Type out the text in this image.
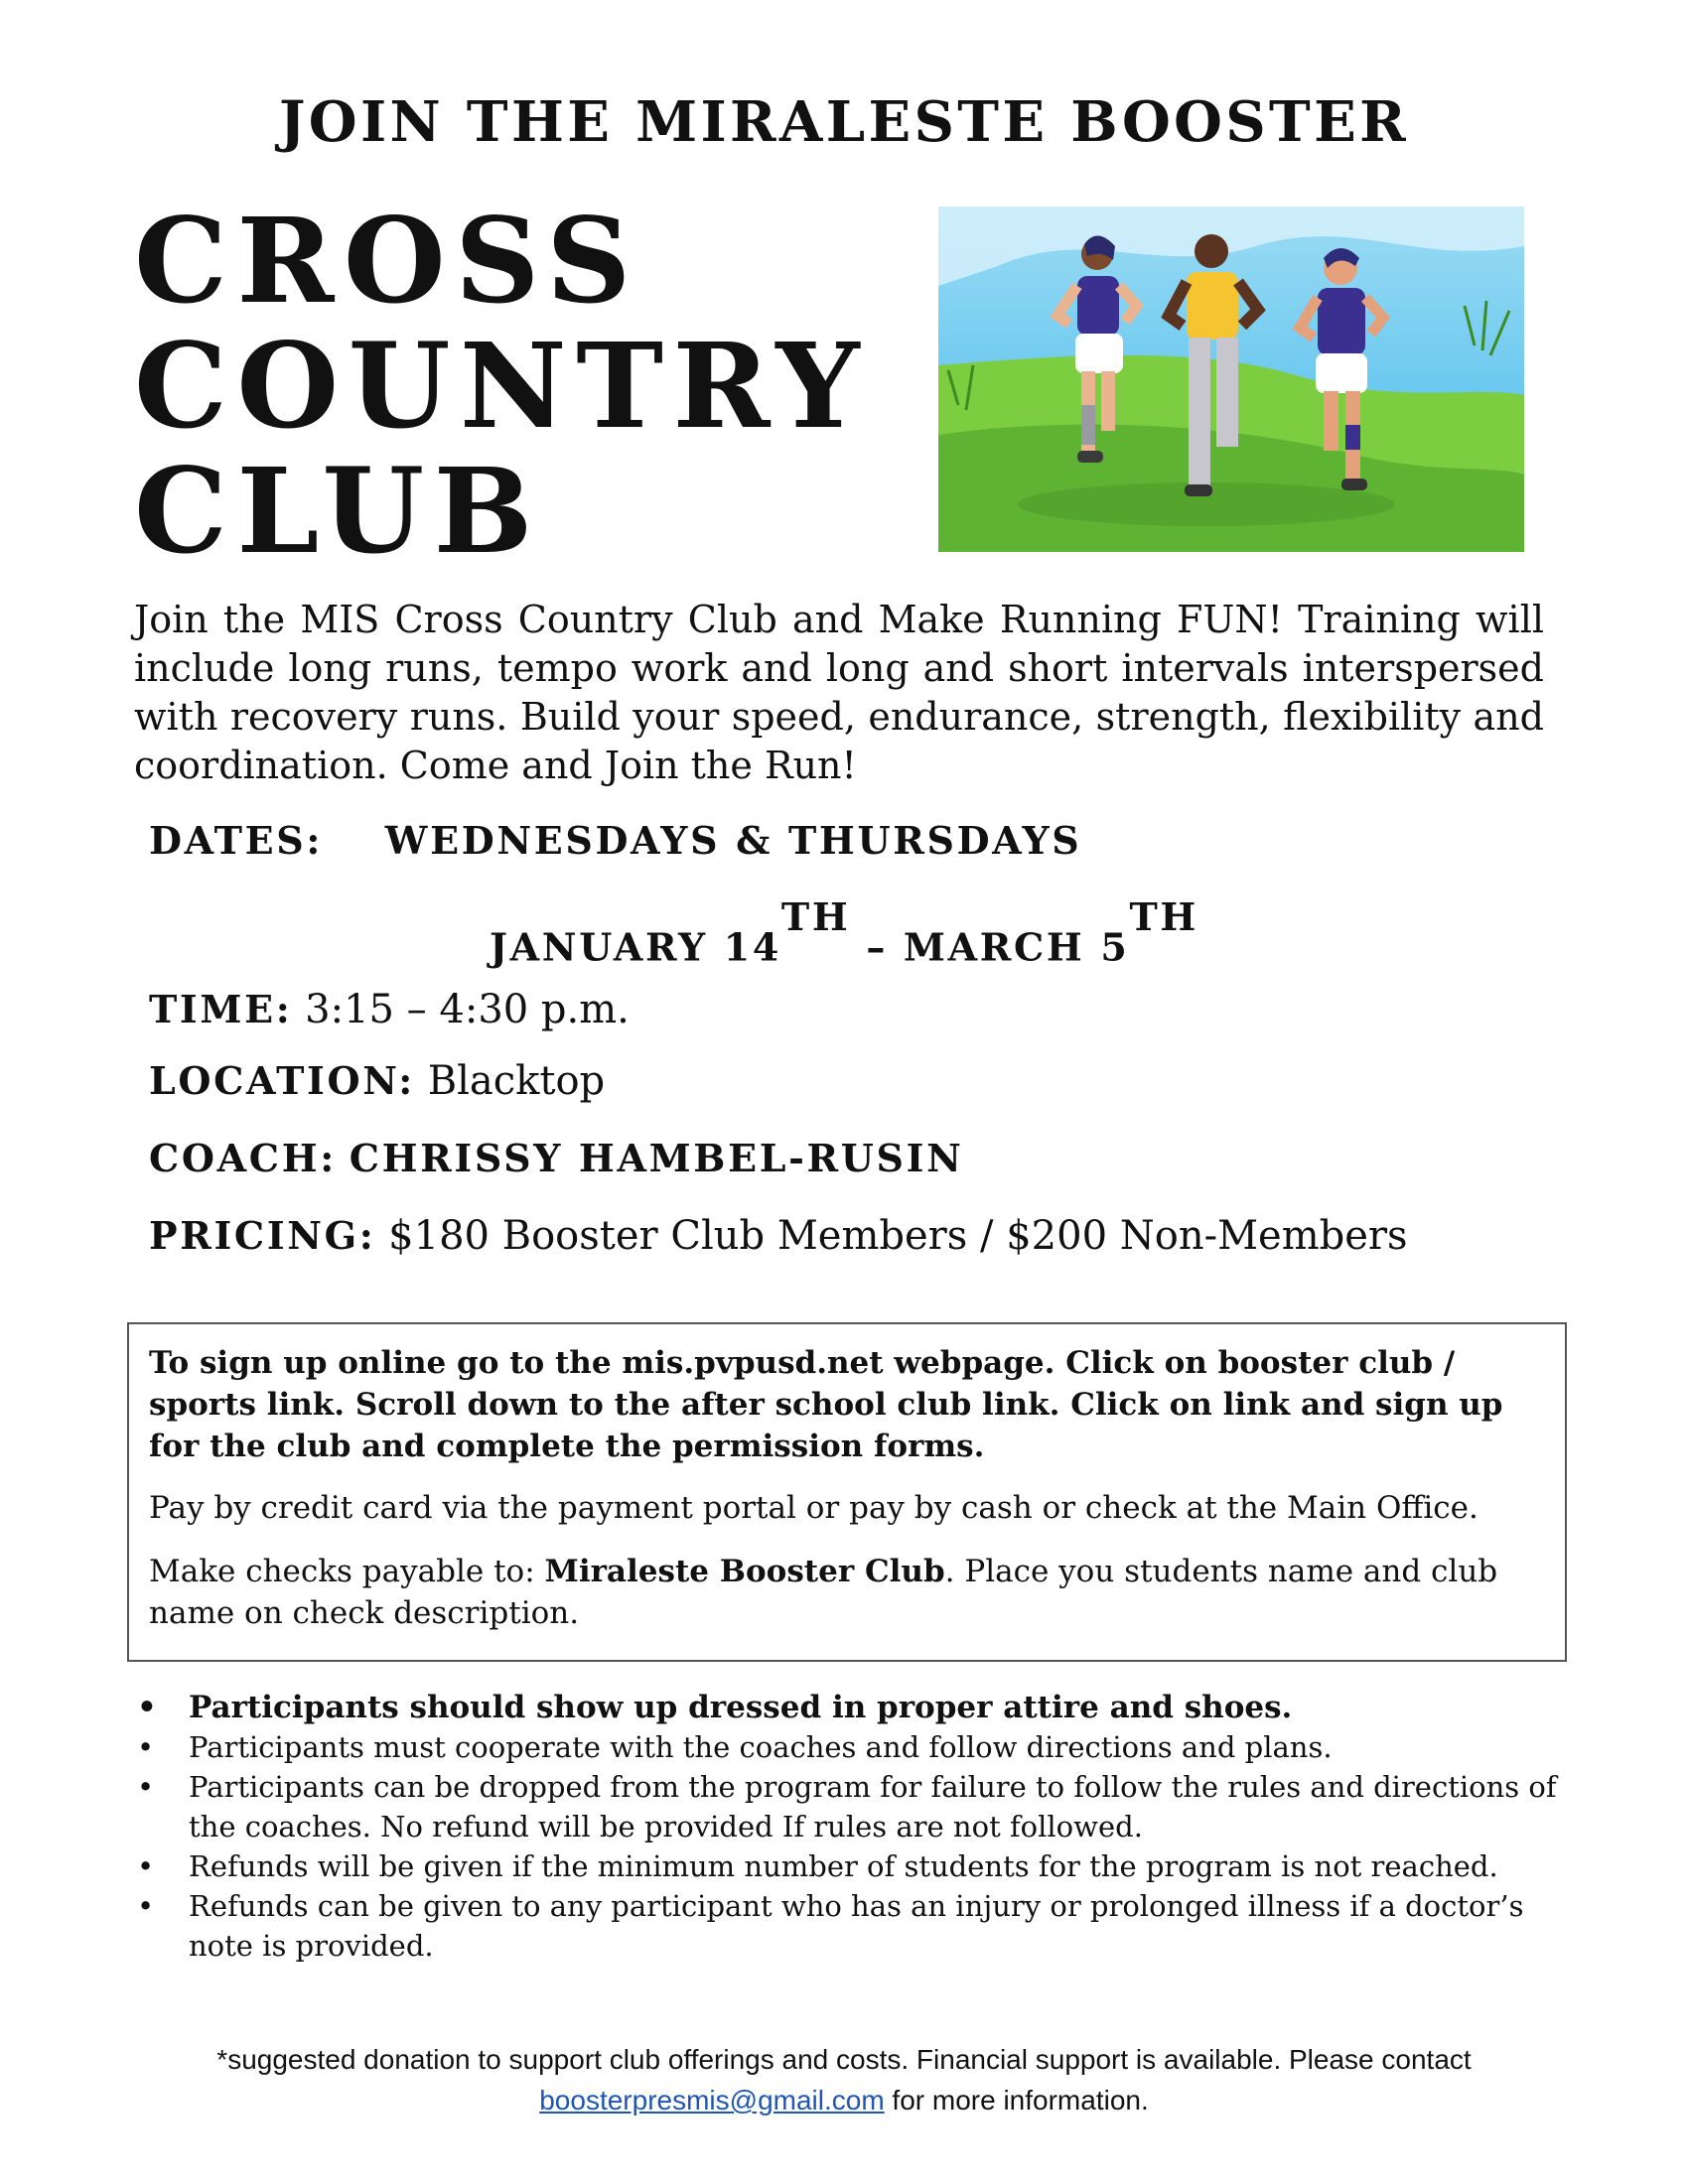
JOIN THE MIRALESTE BOOSTER
CROSS
COUNTRY
CLUB
Join the MIS Cross Country Club and Make Running FUN! Training will include long runs, tempo work and long and short intervals interspersed with recovery runs. Build your speed, endurance, strength, flexibility and coordination. Come and Join the Run!
DATES: WEDNESDAYS & THURSDAYS
JANUARY 14TH – MARCH 5TH
TIME: 3:15 – 4:30 p.m.
LOCATION: Blacktop
COACH: CHRISSY HAMBEL-RUSIN
PRICING: $180 Booster Club Members / $200 Non-Members

To sign up online go to the mis.pvpusd.net webpage. Click on booster club / sports link. Scroll down to the after school club link. Click on link and sign up for the club and complete the permission forms.

Pay by credit card via the payment portal or pay by cash or check at the Main Office.

Make checks payable to: Miraleste Booster Club. Place you students name and club name on check description.

• Participants should show up dressed in proper attire and shoes.
• Participants must cooperate with the coaches and follow directions and plans.
• Participants can be dropped from the program for failure to follow the rules and directions of the coaches. No refund will be provided If rules are not followed.
• Refunds will be given if the minimum number of students for the program is not reached.
• Refunds can be given to any participant who has an injury or prolonged illness if a doctor’s note is provided.
*suggested donation to support club offerings and costs. Financial support is available. Please contact
boosterpresmis@gmail.com for more information.
